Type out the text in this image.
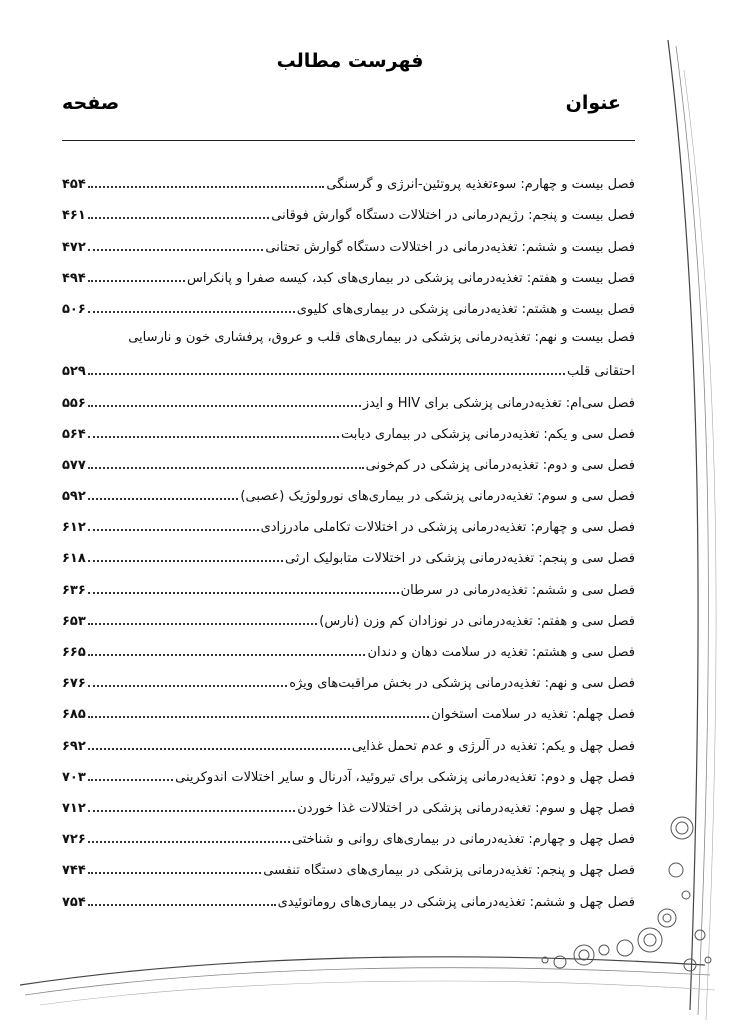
فهرست مطالب
عنوان
صفحه
فصل بیست و چهارم: سوءتغذیه پروتئین-انرژی و گرسنگی
۴۵۴
فصل بیست و پنجم: رژیم‌درمانی در اختلالات دستگاه گوارش فوقانی
۴۶۱
فصل بیست و ششم: تغذیه‌درمانی در اختلالات دستگاه گوارش تحتانی
۴۷۲
فصل بیست و هفتم: تغذیه‌درمانی پزشکی در بیماری‌های کبد، کیسه صفرا و پانکراس
۴۹۴
فصل بیست و هشتم: تغذیه‌درمانی پزشکی در بیماری‌های کلیوی
۵۰۶
فصل بیست و نهم: تغذیه‌درمانی پزشکی در بیماری‌های قلب و عروق، پرفشاری خون و نارسایی
احتقانی قلب
۵۲۹
فصل سی‌ام: تغذیه‌درمانی پزشکی برای HIV و ایدز
۵۵۶
فصل سی و یکم: تغذیه‌درمانی پزشکی در بیماری دیابت
۵۶۴
فصل سی و دوم: تغذیه‌درمانی پزشکی در کم‌خونی
۵۷۷
فصل سی و سوم: تغذیه‌درمانی پزشکی در بیماری‌های نورولوژیک (عصبی)
۵۹۲
فصل سی و چهارم: تغذیه‌درمانی پزشکی در اختلالات تکاملی مادرزادی
۶۱۲
فصل سی و پنجم: تغذیه‌درمانی پزشکی در اختلالات متابولیک ارثی
۶۱۸
فصل سی و ششم: تغذیه‌درمانی در سرطان
۶۳۶
فصل سی و هفتم: تغذیه‌درمانی در نوزادان کم وزن (نارس)
۶۵۳
فصل سی و هشتم: تغذیه در سلامت دهان و دندان
۶۶۵
فصل سی و نهم: تغذیه‌درمانی پزشکی در بخش مراقبت‌های ویژه
۶۷۶
فصل چهلم: تغذیه در سلامت استخوان
۶۸۵
فصل چهل و یکم: تغذیه در آلرژی و عدم تحمل غذایی
۶۹۲
فصل چهل و دوم: تغذیه‌درمانی پزشکی برای تیروئید، آدرنال و سایر اختلالات اندوکرینی
۷۰۳
فصل چهل و سوم: تغذیه‌درمانی پزشکی در اختلالات غذا خوردن
۷۱۲
فصل چهل و چهارم: تغذیه‌درمانی در بیماری‌های روانی و شناختی
۷۲۶
فصل چهل و پنجم: تغذیه‌درمانی پزشکی در بیماری‌های دستگاه تنفسی
۷۴۴
فصل چهل و ششم: تغذیه‌درمانی پزشکی در بیماری‌های روماتوئیدی
۷۵۴
